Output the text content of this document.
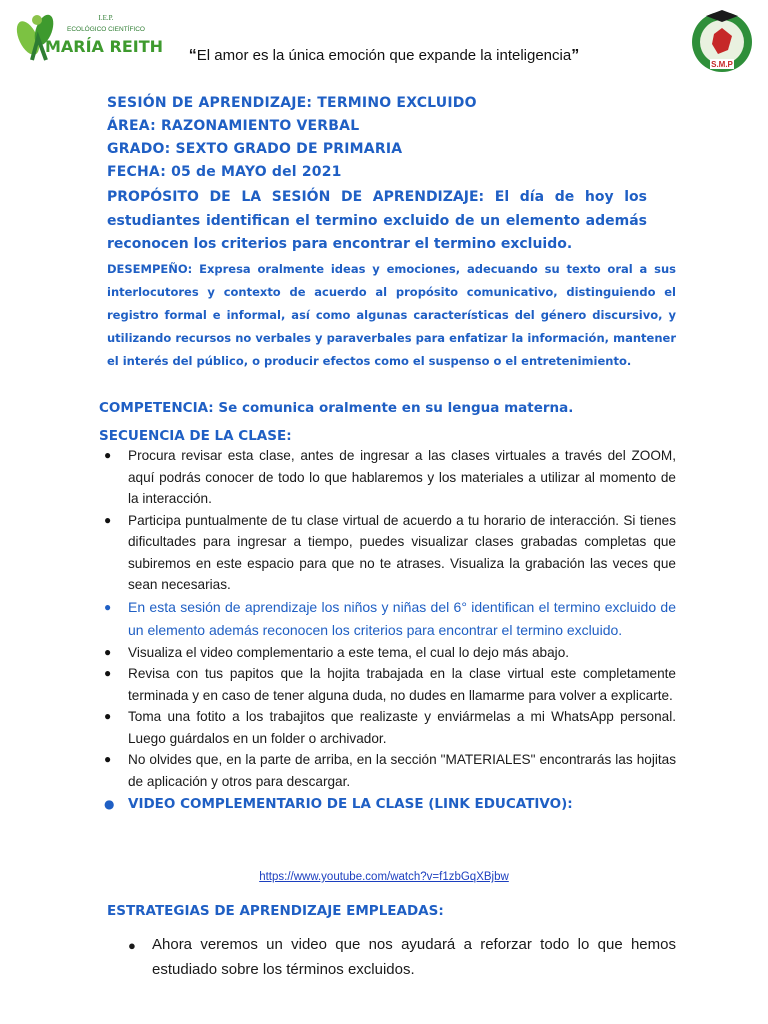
I.E.P.
ECOLÓGICO CIENTÍFICO
MARÍA REITH
S.M.P
“El amor es la única emoción que expande la inteligencia”
SESIÓN DE APRENDIZAJE: TERMINO EXCLUIDO
ÁREA: RAZONAMIENTO VERBAL
GRADO: SEXTO GRADO DE PRIMARIA
FECHA: 05 de MAYO del 2021
PROPÓSITO DE LA SESIÓN DE APRENDIZAJE: El día de hoy los estudiantes identifican el termino excluido de un elemento además reconocen los criterios para encontrar el termino excluido.
DESEMPEÑO: Expresa oralmente ideas y emociones, adecuando su texto oral a sus interlocutores y contexto de acuerdo al propósito comunicativo, distinguiendo el registro formal e informal, así como algunas características del género discursivo, y utilizando recursos no verbales y paraverbales para enfatizar la información, mantener el interés del público, o producir efectos como el suspenso o el entretenimiento.
COMPETENCIA: Se comunica oralmente en su lengua materna.
SECUENCIA DE LA CLASE:
● Procura revisar esta clase, antes de ingresar a las clases virtuales a través del ZOOM, aquí podrás conocer de todo lo que hablaremos y los materiales a utilizar al momento de la interacción.
● Participa puntualmente de tu clase virtual de acuerdo a tu horario de interacción. Si tienes dificultades para ingresar a tiempo, puedes visualizar clases grabadas completas que subiremos en este espacio para que no te atrases. Visualiza la grabación las veces que sean necesarias.
● En esta sesión de aprendizaje los niños y niñas del 6° identifican el termino excluido de un elemento además reconocen los criterios para encontrar el termino excluido.
● Visualiza el video complementario a este tema, el cual lo dejo más abajo.
● Revisa con tus papitos que la hojita trabajada en la clase virtual este completamente terminada y en caso de tener alguna duda, no dudes en llamarme para volver a explicarte.
● Toma una fotito a los trabajitos que realizaste y enviármelas a mi WhatsApp personal. Luego guárdalos en un folder o archivador.
● No olvides que, en la parte de arriba, en la sección "MATERIALES" encontrarás las hojitas de aplicación y otros para descargar.
● VIDEO COMPLEMENTARIO DE LA CLASE (LINK EDUCATIVO):
https://www.youtube.com/watch?v=f1zbGqXBjbw
ESTRATEGIAS DE APRENDIZAJE EMPLEADAS:
● Ahora veremos un video que nos ayudará a reforzar todo lo que hemos estudiado sobre los términos excluidos.
